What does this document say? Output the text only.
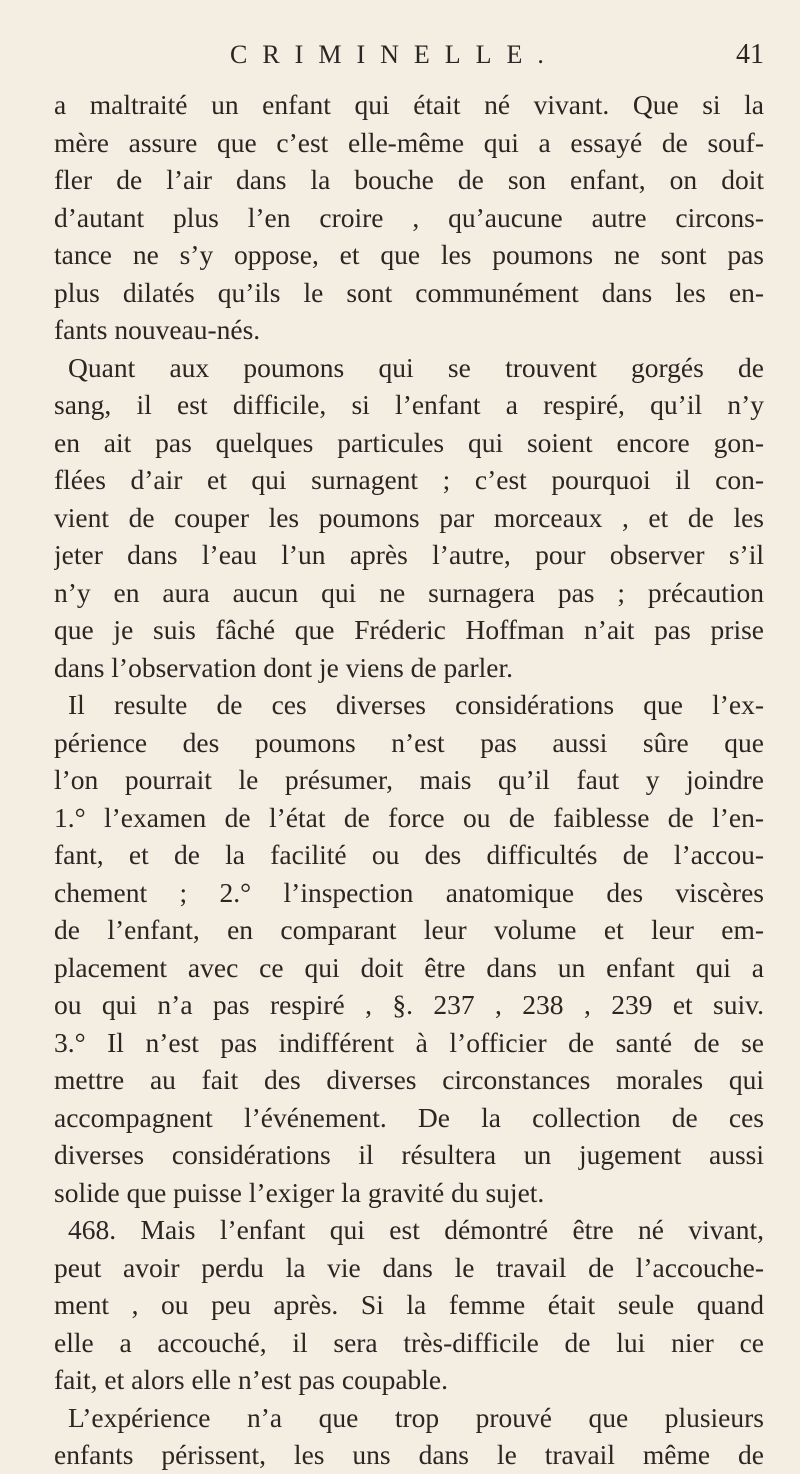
CRIMINELLE.	41
a maltraité un enfant qui était né vivant. Que si la
mère assure que c’est elle-même qui a essayé de souf-
fler de l’air dans la bouche de son enfant, on doit
d’autant plus l’en croire , qu’aucune autre circons-
tance ne s’y oppose, et que les poumons ne sont pas
plus dilatés qu’ils le sont communément dans les en-
fants nouveau-nés.
Quant aux poumons qui se trouvent gorgés de
sang, il est difficile, si l’enfant a respiré, qu’il n’y
en ait pas quelques particules qui soient encore gon-
flées d’air et qui surnagent ; c’est pourquoi il con-
vient de couper les poumons par morceaux , et de les
jeter dans l’eau l’un après l’autre, pour observer s’il
n’y en aura aucun qui ne surnagera pas ; précaution
que je suis fâché que Fréderic Hoffman n’ait pas prise
dans l’observation dont je viens de parler.
Il resulte de ces diverses considérations que l’ex-
périence des poumons n’est pas aussi sûre que
l’on pourrait le présumer, mais qu’il faut y joindre
1.° l’examen de l’état de force ou de faiblesse de l’en-
fant, et de la facilité ou des difficultés de l’accou-
chement ; 2.° l’inspection anatomique des viscères
de l’enfant, en comparant leur volume et leur em-
placement avec ce qui doit être dans un enfant qui a
ou qui n’a pas respiré , §. 237 , 238 , 239 et suiv.
3.° Il n’est pas indifférent à l’officier de santé de se
mettre au fait des diverses circonstances morales qui
accompagnent l’événement. De la collection de ces
diverses considérations il résultera un jugement aussi
solide que puisse l’exiger la gravité du sujet.
468. Mais l’enfant qui est démontré être né vivant,
peut avoir perdu la vie dans le travail de l’accouche-
ment , ou peu après. Si la femme était seule quand
elle a accouché, il sera très-difficile de lui nier ce
fait, et alors elle n’est pas coupable.
L’expérience n’a que trop prouvé que plusieurs
enfants périssent, les uns dans le travail même de
